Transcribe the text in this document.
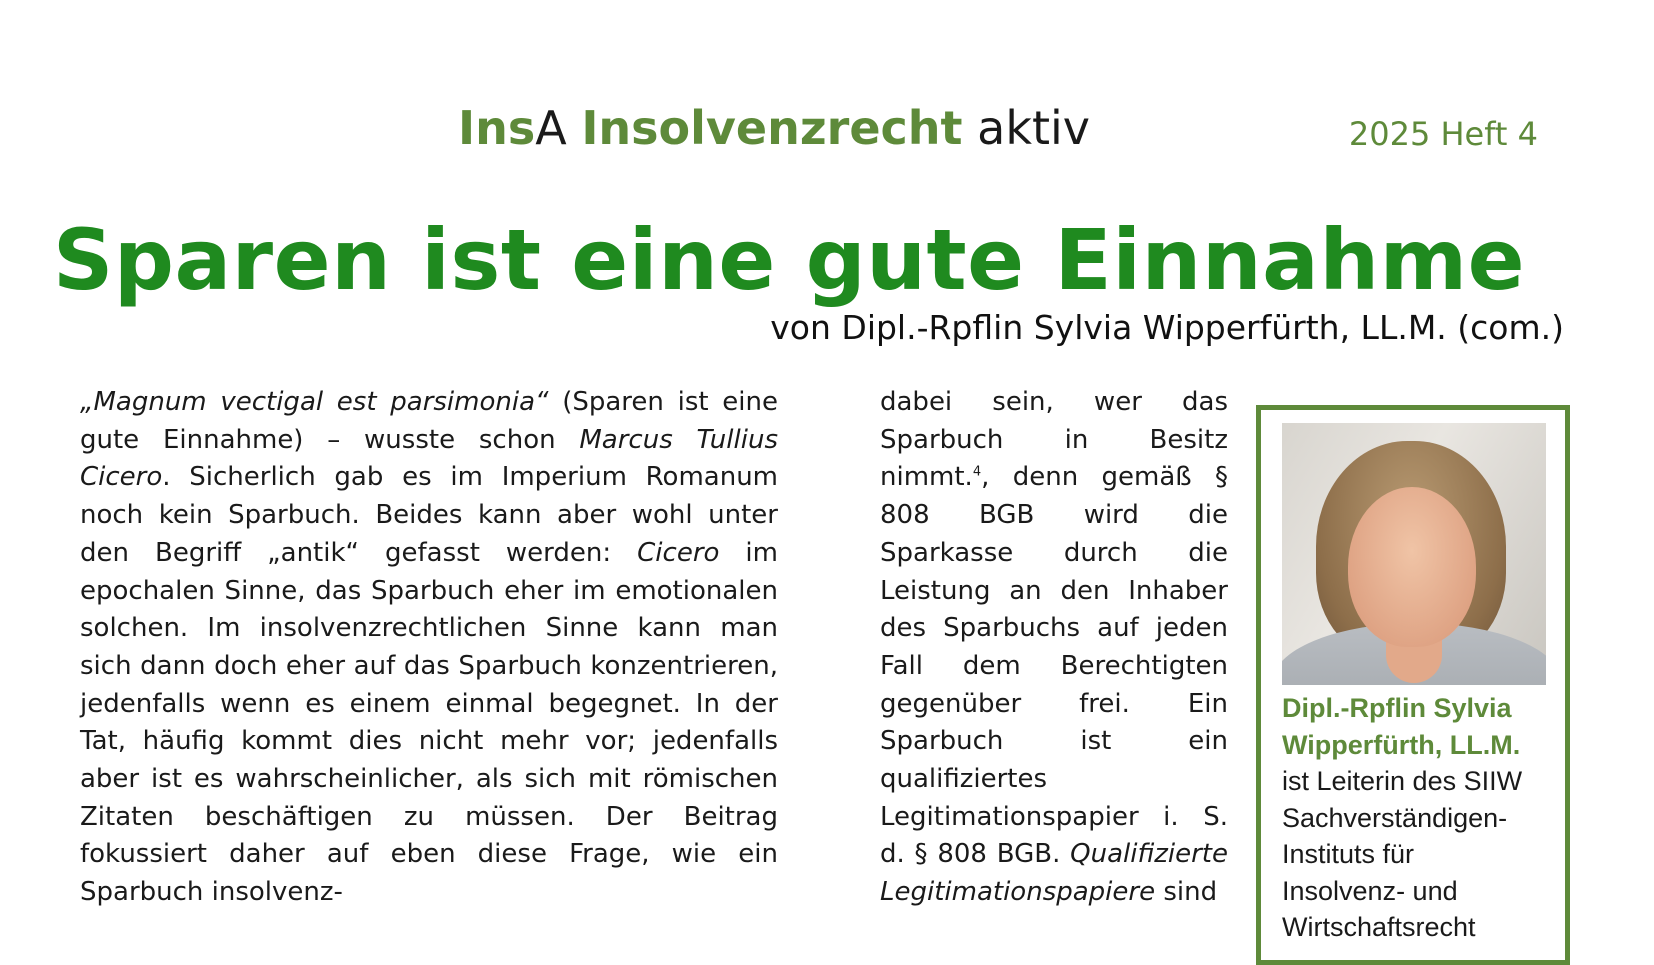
InsA Insolvenzrecht aktiv	2025 Heft 4
Sparen ist eine gute Einnahme
von Dipl.-Rpflin Sylvia Wipperfürth, LL.M. (com.)

„Magnum vectigal est parsimonia“ (Sparen ist eine gute Einnahme) – wusste schon Marcus Tullius Cicero. Sicherlich gab es im Imperium Romanum noch kein Sparbuch. Beides kann aber wohl unter den Begriff „antik“ gefasst werden: Cicero im epochalen Sinne, das Sparbuch eher im emotionalen solchen. Im insolvenzrechtlichen Sinne kann man sich dann doch eher auf das Sparbuch konzentrieren, jedenfalls wenn es einem einmal begegnet. In der Tat, häufig kommt dies nicht mehr vor; jedenfalls aber ist es wahrscheinlicher, als sich mit römischen Zitaten beschäftigen zu müssen. Der Beitrag fokussiert daher auf eben diese Frage, wie ein Sparbuch insolvenz-

dabei sein, wer das Sparbuch in Besitz nimmt.$^4$, denn gemäß § 808 BGB wird die Sparkasse durch die Leistung an den Inhaber des Sparbuchs auf jeden Fall dem Berechtigten gegenüber frei. Ein Sparbuch ist ein qualifiziertes Legitimationspapier i. S. d. § 808 BGB. Qualifizierte Legitimationspapiere sind

Dipl.-Rpflin Sylvia Wipperfürth, LL.M. ist Leiterin des SIIW Sachverständigen-Instituts für Insolvenz- und Wirtschaftsrecht
